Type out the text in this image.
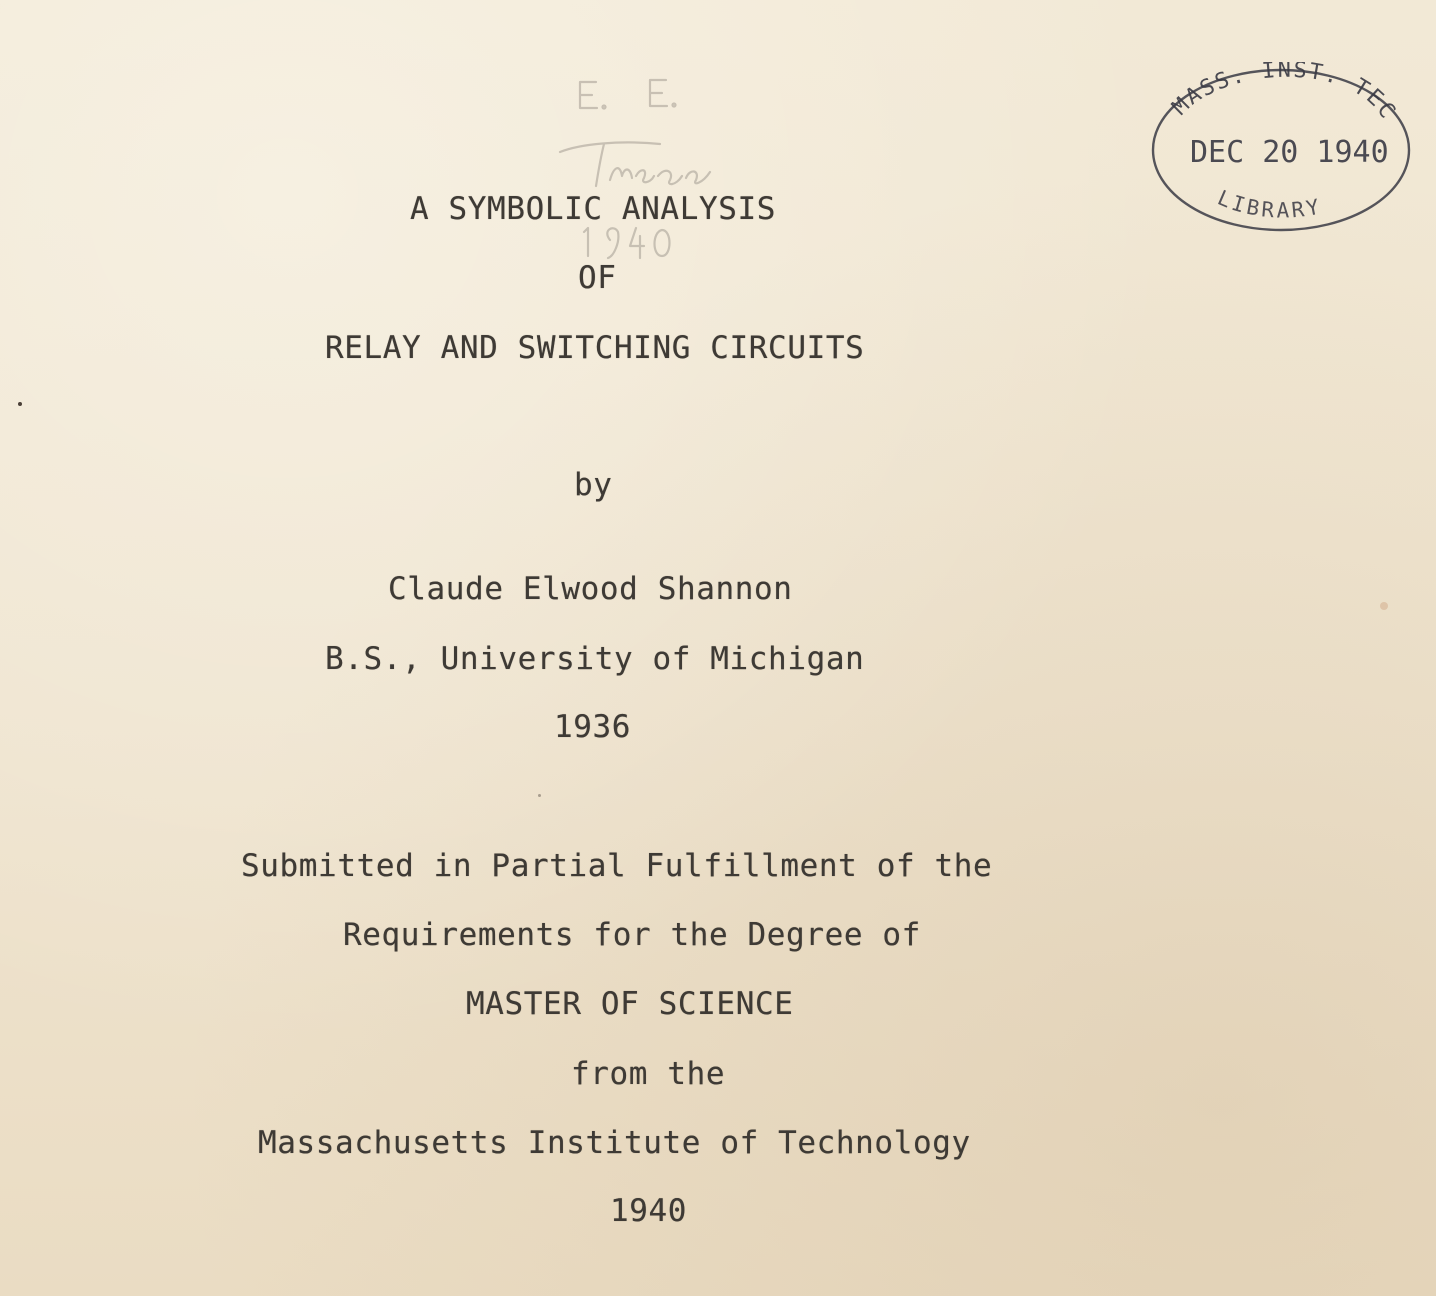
A SYMBOLIC ANALYSIS
OF
RELAY AND SWITCHING CIRCUITS
by
Claude Elwood Shannon
B.S., University of Michigan
1936
Submitted in Partial Fulfillment of the
Requirements for the Degree of
MASTER OF SCIENCE
from the
Massachusetts Institute of Technology
1940
MASS. INST. TEC
DEC 20 1940
LIBRARY
